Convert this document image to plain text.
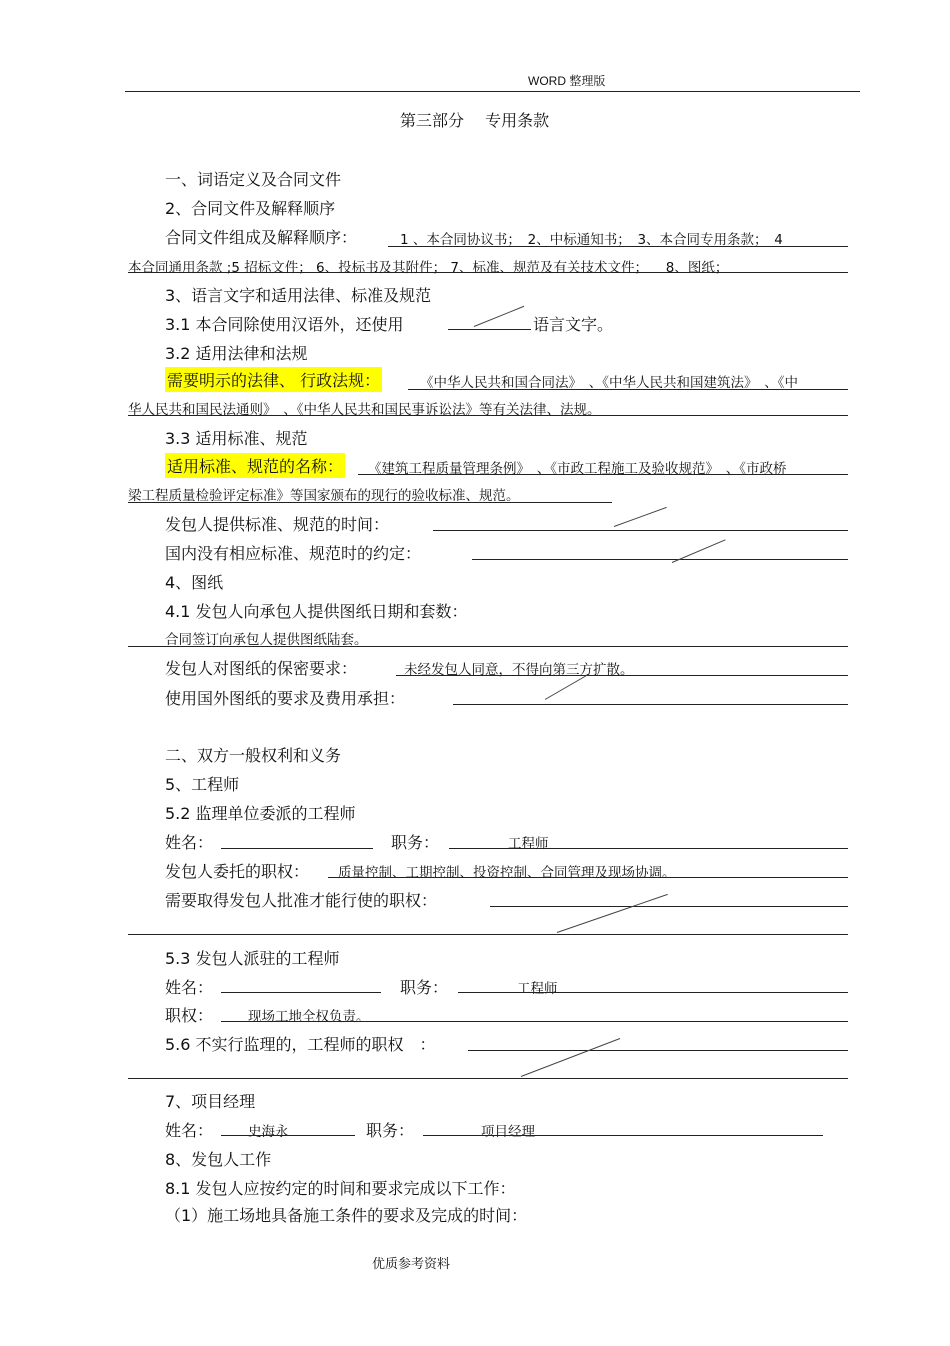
WORD 整理版
第三部分　 专用条款
一、词语定义及合同文件
2、合同文件及解释顺序
合同文件组成及解释顺序：	1 、本合同协议书；　2、中标通知书；　3、本合同专用条款；　4
本合同通用条款 ;5 招标文件； 6、投标书及其附件； 7、标准、规范及有关技术文件； 　8、图纸；
3、语言文字和适用法律、标准及规范
3.1 本合同除使用汉语外，还使用	语言文字。
3.2 适用法律和法规
需要明示的法律、 行政法规：	《中华人民共和国合同法》　、《中华人民共和国建筑法》　、《中
华人民共和国民法通则》　、《中华人民共和国民事诉讼法》等有关法律、法规。
3.3 适用标准、规范
适用标准、规范的名称： 《建筑工程质量管理条例》　、《市政工程施工及验收规范》　、《市政桥
梁工程质量检验评定标准》等国家颁布的现行的验收标准、规范。
发包人提供标准、规范的时间：
国内没有相应标准、规范时的约定：
4、图纸
4.1 发包人向承包人提供图纸日期和套数：
合同签订向承包人提供图纸陆套。
发包人对图纸的保密要求：	未经发包人同意，不得向第三方扩散。
使用国外图纸的要求及费用承担：
二、双方一般权利和义务
5、工程师
5.2 监理单位委派的工程师
姓名：	职务：	工程师
发包人委托的职权： 质量控制、工期控制、投资控制、合同管理及现场协调。
需要取得发包人批准才能行使的职权：
5.3 发包人派驻的工程师
姓名：	职务：	工程师
职权：	现场工地全权负责。
5.6 不实行监理的，工程师的职权　：
7、项目经理
姓名：	史海永	职务：	项目经理
8、发包人工作
8.1 发包人应按约定的时间和要求完成以下工作：
（1）施工场地具备施工条件的要求及完成的时间：
优质参考资料
